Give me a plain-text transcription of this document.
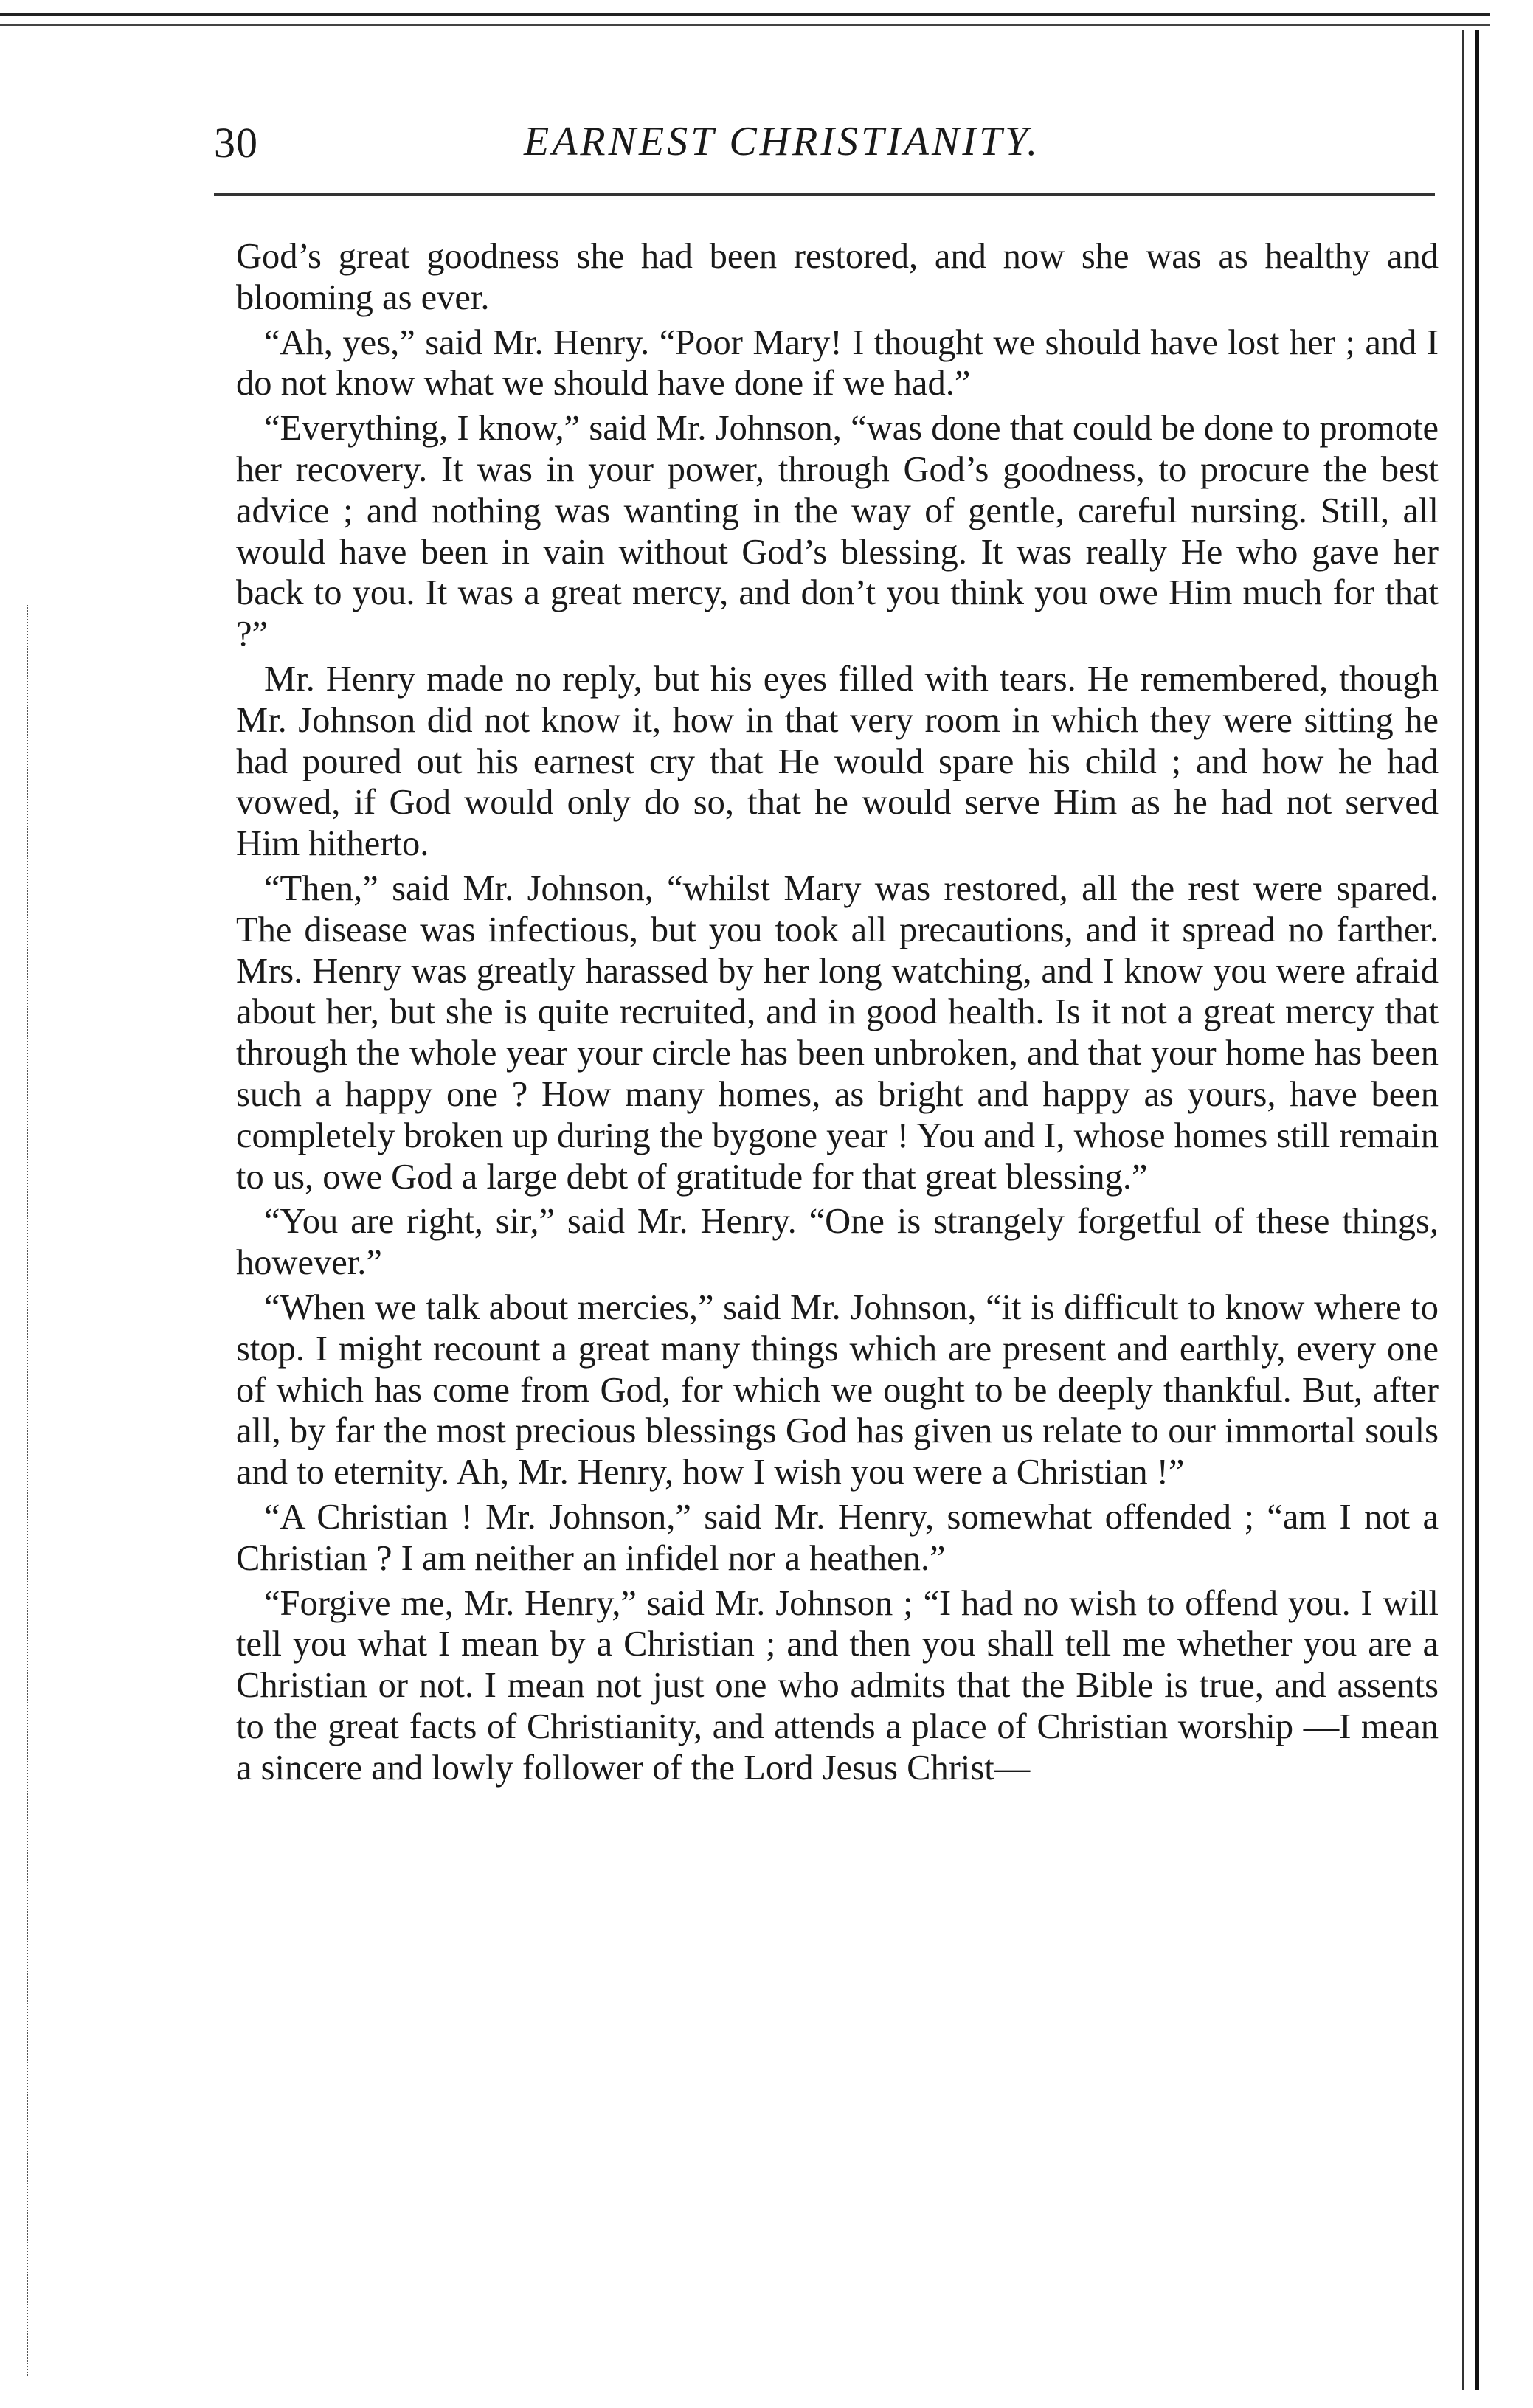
30	EARNEST CHRISTIANITY.

God’s great goodness she had been restored, and now she was as healthy and blooming as ever.

“Ah, yes,” said Mr. Henry. “Poor Mary! I thought we should have lost her ; and I do not know what we should have done if we had.”

“Everything, I know,” said Mr. Johnson, “was done that could be done to promote her recovery. It was in your power, through God’s goodness, to procure the best advice ; and nothing was wanting in the way of gentle, careful nursing. Still, all would have been in vain without God’s blessing. It was really He who gave her back to you. It was a great mercy, and don’t you think you owe Him much for that ?”

Mr. Henry made no reply, but his eyes filled with tears. He remembered, though Mr. Johnson did not know it, how in that very room in which they were sitting he had poured out his earnest cry that He would spare his child ; and how he had vowed, if God would only do so, that he would serve Him as he had not served Him hitherto.

“Then,” said Mr. Johnson, “whilst Mary was restored, all the rest were spared. The disease was infectious, but you took all precautions, and it spread no farther. Mrs. Henry was greatly harassed by her long watching, and I know you were afraid about her, but she is quite recruited, and in good health. Is it not a great mercy that through the whole year your circle has been unbroken, and that your home has been such a happy one ? How many homes, as bright and happy as yours, have been completely broken up during the bygone year ! You and I, whose homes still remain to us, owe God a large debt of gratitude for that great blessing.”

“You are right, sir,” said Mr. Henry. “One is strangely forgetful of these things, however.”

“When we talk about mercies,” said Mr. Johnson, “it is difficult to know where to stop. I might recount a great many things which are present and earthly, every one of which has come from God, for which we ought to be deeply thankful. But, after all, by far the most precious blessings God has given us relate to our immortal souls and to eternity. Ah, Mr. Henry, how I wish you were a Christian !”

“A Christian ! Mr. Johnson,” said Mr. Henry, somewhat offended ; “am I not a Christian ? I am neither an infidel nor a heathen.”

“Forgive me, Mr. Henry,” said Mr. Johnson ; “I had no wish to offend you. I will tell you what I mean by a Christian ; and then you shall tell me whether you are a Christian or not. I mean not just one who admits that the Bible is true, and assents to the great facts of Christianity, and attends a place of Christian worship —I mean a sincere and lowly follower of the Lord Jesus Christ—
